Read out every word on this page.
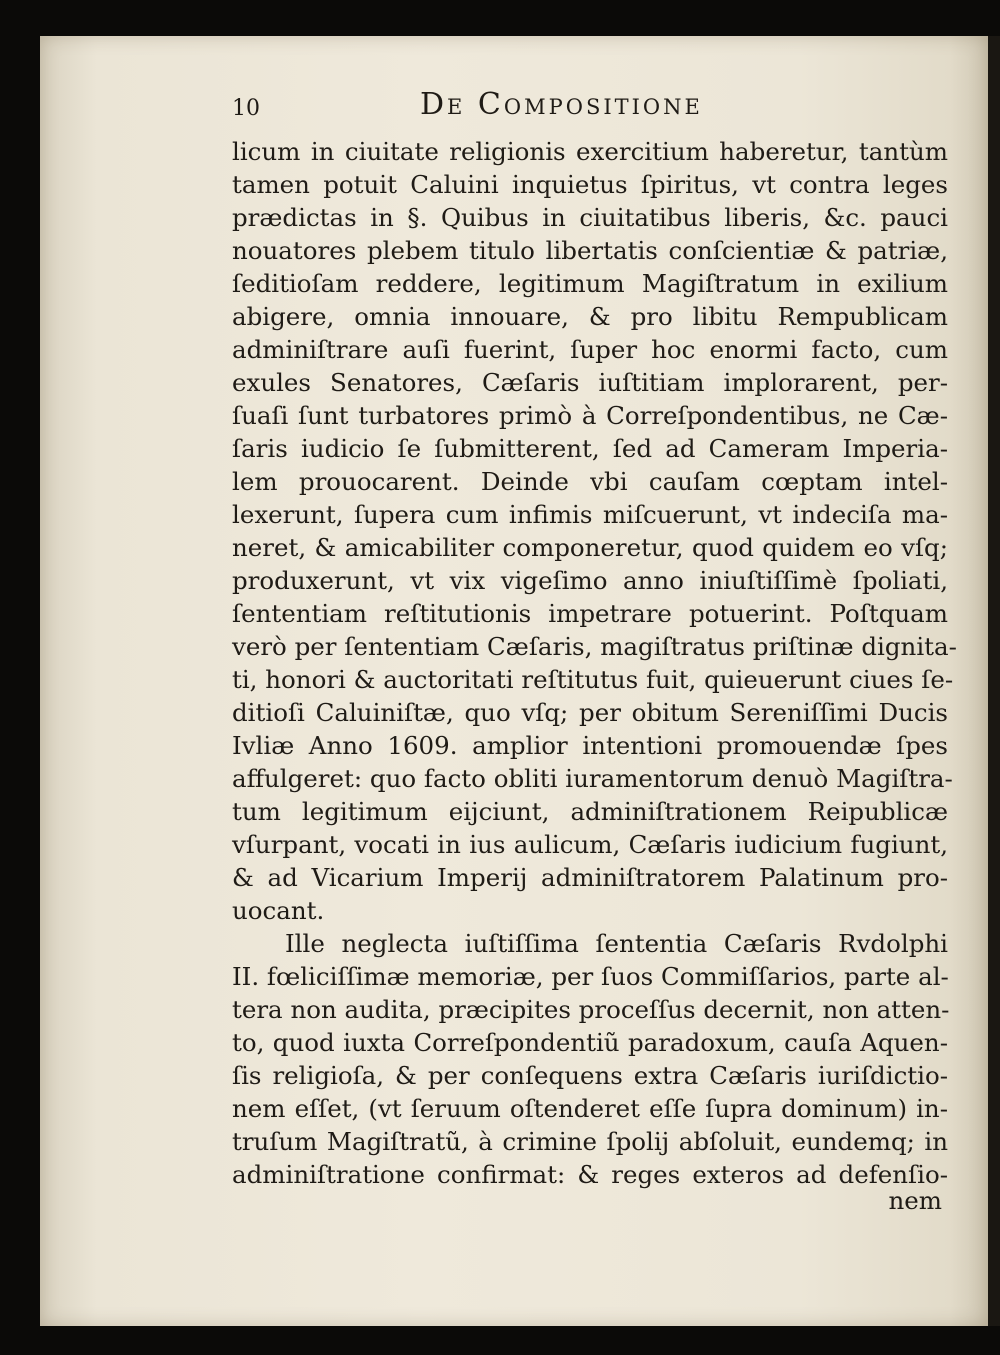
10	De Compositione
licum in ciuitate religionis exercitium haberetur, tantùm
tamen potuit Caluini inquietus ſpiritus, vt contra leges
prædictas in §. Quibus in ciuitatibus liberis, &c. pauci
nouatores plebem titulo libertatis conſcientiæ & patriæ,
ſeditioſam reddere, legitimum Magiſtratum in exilium
abigere, omnia innouare, & pro libitu Rempublicam
adminiſtrare auſi fuerint, ſuper hoc enormi facto, cum
exules Senatores, Cæſaris iuſtitiam implorarent, per-
ſuaſi ſunt turbatores primò à Correſpondentibus, ne Cæ-
ſaris iudicio ſe ſubmitterent, ſed ad Cameram Imperia-
lem prouocarent. Deinde vbi cauſam cœptam intel-
lexerunt, ſupera cum infimis miſcuerunt, vt indeciſa ma-
neret, & amicabiliter componeretur, quod quidem eo vſq;
produxerunt, vt vix vigeſimo anno iniuſtiſſimè ſpoliati,
ſententiam reſtitutionis impetrare potuerint. Poſtquam
verò per ſententiam Cæſaris, magiſtratus priſtinæ dignita-
ti, honori & auctoritati reſtitutus fuit, quieuerunt ciues ſe-
ditioſi Caluiniſtæ, quo vſq; per obitum Sereniſſimi Ducis
Ivliæ Anno 1609. amplior intentioni promouendæ ſpes
affulgeret: quo facto obliti iuramentorum denuò Magiſtra-
tum legitimum eijciunt, adminiſtrationem Reipublicæ
vſurpant, vocati in ius aulicum, Cæſaris iudicium fugiunt,
& ad Vicarium Imperij adminiſtratorem Palatinum pro-
uocant.
Ille neglecta iuſtiſſima ſententia Cæſaris Rvdolphi
II. fœliciſſimæ memoriæ, per ſuos Commiſſarios, parte al-
tera non audita, præcipites proceſſus decernit, non atten-
to, quod iuxta Correſpondentiũ paradoxum, cauſa Aquen-
ſis religioſa, & per conſequens extra Cæſaris iuriſdictio-
nem eſſet, (vt ſeruum oſtenderet eſſe ſupra dominum) in-
truſum Magiſtratũ, à crimine ſpolij abſoluit, eundemq; in
adminiſtratione confirmat: & reges exteros ad defenſio-
nem
